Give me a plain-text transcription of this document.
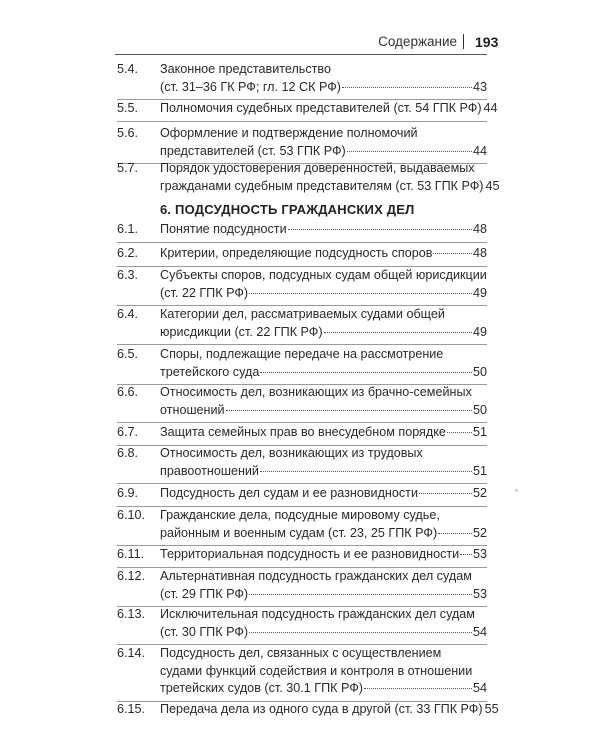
Содержание 193
6. ПОДСУДНОСТЬ ГРАЖДАНСКИХ ДЕЛ
5.4.	Законное представительство
(ст. 31–36 ГК РФ; гл. 12 СК РФ)	43
5.5.	Полномочия судебных представителей (ст. 54 ГПК РФ) 44
5.6.	Оформление и подтверждение полномочий
представителей (ст. 53 ГПК РФ)	44
5.7.	Порядок удостоверения доверенностей, выдаваемых
гражданами судебным представителям (ст. 53 ГПК РФ) 45
6.1.	Понятие подсудности	48
6.2.	Критерии, определяющие подсудность споров	48
6.3.	Субъекты споров, подсудных судам общей юрисдикции
(ст. 22 ГПК РФ)	49
6.4.	Категории дел, рассматриваемых судами общей
юрисдикции (ст. 22 ГПК РФ)	49
6.5.	Споры, подлежащие передаче на рассмотрение
третейского суда	50
6.6.	Относимость дел, возникающих из брачно-семейных
отношений	50
6.7.	Защита семейных прав во внесудебном порядке 51
6.8.	Относимость дел, возникающих из трудовых
правоотношений	51
6.9.	Подсудность дел судам и ее разновидности	52
6.10.	Гражданские дела, подсудные мировому судье,
районным и военным судам (ст. 23, 25 ГПК РФ)	52
6.11.	Территориальная подсудность и ее разновидности 53
6.12.	Альтернативная подсудность гражданских дел судам
(ст. 29 ГПК РФ)	53
6.13.	Исключительная подсудность гражданских дел судам
(ст. 30 ГПК РФ)	54
6.14.	Подсудность дел, связанных с осуществлением
судами функций содействия и контроля в отношении
третейских судов (ст. 30.1 ГПК РФ)	54
6.15.	Передача дела из одного суда в другой (ст. 33 ГПК РФ) 55
